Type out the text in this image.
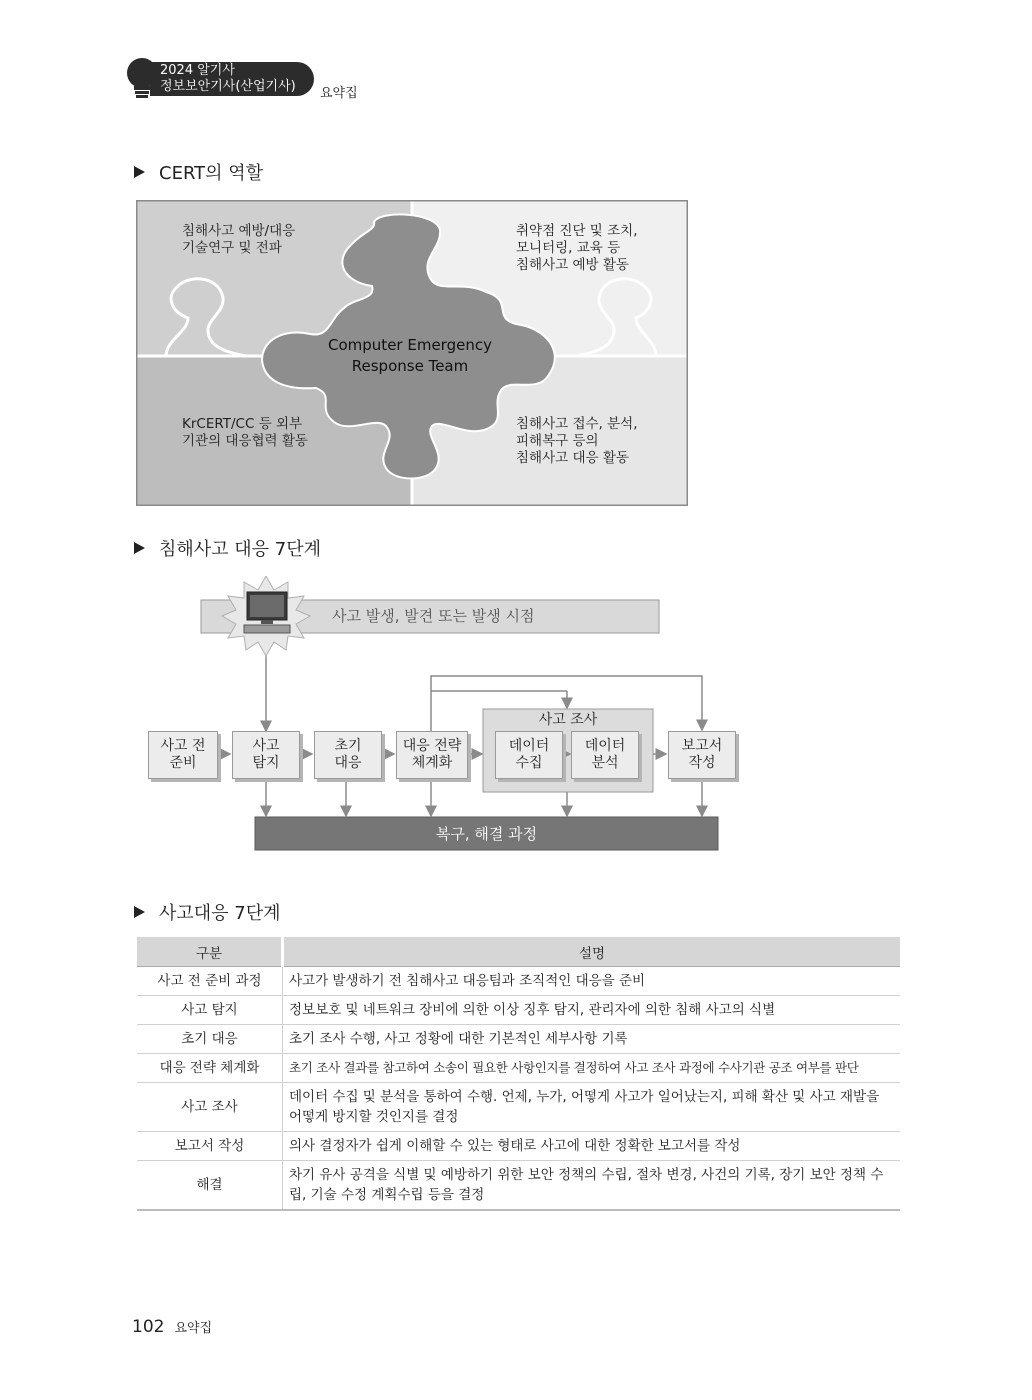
2024 알기사
정보보안기사(산업기사)	요약집
CERT의 역할
침해사고 예방/대응
기술연구 및 전파
취약점 진단 및 조치,
모니터링, 교육 등
침해사고 예방 활동
KrCERT/CC 등 외부
기관의 대응협력 활동
침해사고 접수, 분석,
피해복구 등의
침해사고 대응 활동
Computer Emergency
Response Team
침해사고 대응 7단계
사고 발생, 발견 또는 발생 시점
복구, 해결 과정
사고 전
준비
사고
탐지
초기
대응
대응 전략
체계화
사고 조사
데이터
수집
데이터
분석
보고서
작성
사고대응 7단계
구분	설명
사고 전 준비 과정	사고가 발생하기 전 침해사고 대응팀과 조직적인 대응을 준비
사고 탐지	정보보호 및 네트워크 장비에 의한 이상 징후 탐지, 관리자에 의한 침해 사고의 식별
초기 대응	초기 조사 수행, 사고 정황에 대한 기본적인 세부사항 기록
대응 전략 체계화	초기 조사 결과를 참고하여 소송이 필요한 사항인지를 결정하여 사고 조사 과정에 수사기관 공조 여부를 판단
사고 조사	데이터 수집 및 분석을 통하여 수행. 언제, 누가, 어떻게 사고가 일어났는지, 피해 확산 및 사고 재발을 어떻게 방지할 것인지를 결정
보고서 작성	의사 결정자가 쉽게 이해할 수 있는 형태로 사고에 대한 정확한 보고서를 작성
해결	차기 유사 공격을 식별 및 예방하기 위한 보안 정책의 수립, 절차 변경, 사건의 기록, 장기 보안 정책 수립, 기술 수정 계획수립 등을 결정
102 요약집
